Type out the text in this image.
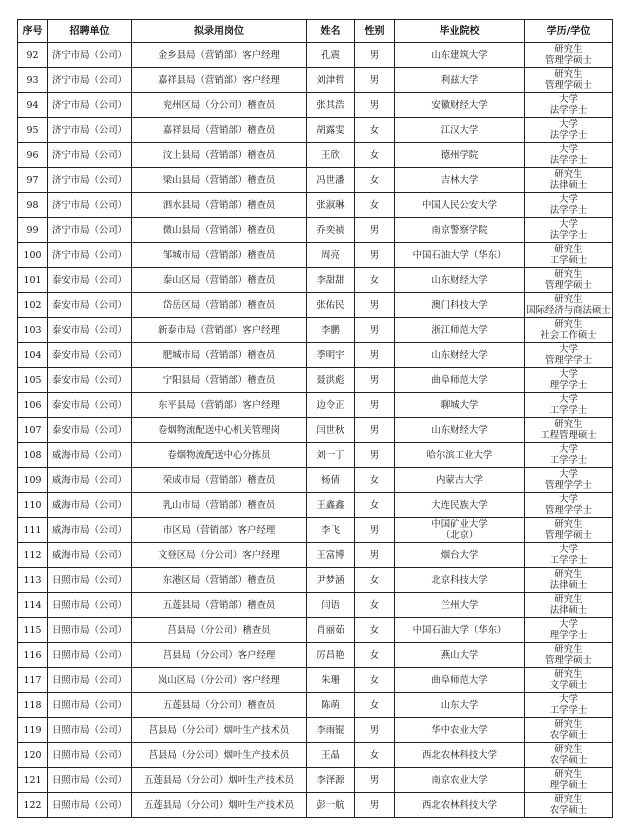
序号	招聘单位	拟录用岗位	姓名	性别	毕业院校	学历/学位
92	济宁市局（公司）	金乡县局（营销部）客户经理	孔震	男	山东建筑大学	研究生
管理学硕士

93	济宁市局（公司）	嘉祥县局（营销部）客户经理	刘津哲	男	利兹大学	研究生
管理学硕士

94	济宁市局（公司）	兖州区局（分公司）稽查员	张其浩	男	安徽财经大学	大学
法学学士

95	济宁市局（公司）	嘉祥县局（营销部）稽查员	胡露雯	女	江汉大学	大学
法学学士

96	济宁市局（公司）	汶上县局（营销部）稽查员	王欣	女	德州学院	大学
法学学士

97	济宁市局（公司）	梁山县局（营销部）稽查员	冯世潘	女	吉林大学	研究生
法律硕士

98	济宁市局（公司）	泗水县局（营销部）稽查员	张淑琳	女	中国人民公安大学	大学
法学学士

99	济宁市局（公司）	微山县局（营销部）稽查员	乔奕祯	男	南京警察学院	大学
法学学士

100	济宁市局（公司）	邹城市局（营销部）稽查员	周亮	男	中国石油大学（华东）	研究生
工学硕士

101	泰安市局（公司）	泰山区局（营销部）稽查员	李甜甜	女	山东财经大学	研究生
管理学硕士

102	泰安市局（公司）	岱岳区局（营销部）稽查员	张佑民	男	澳门科技大学	研究生
国际经济与商法硕士

103	泰安市局（公司）	新泰市局（营销部）客户经理	李鹏	男	浙江师范大学	研究生
社会工作硕士

104	泰安市局（公司）	肥城市局（营销部）稽查员	季明宇	男	山东财经大学	大学
管理学学士

105	泰安市局（公司）	宁阳县局（营销部）稽查员	聂洪彪	男	曲阜师范大学	大学
理学学士

106	泰安市局（公司）	东平县局（营销部）客户经理	边令正	男	聊城大学	大学
工学学士

107	泰安市局（公司）	卷烟物流配送中心机关管理岗	闫世秋	男	山东财经大学	研究生
工程管理硕士

108	威海市局（公司）	卷烟物流配送中心分拣员	刘一丁	男	哈尔滨工业大学	大学
工学学士

109	威海市局（公司）	荣成市局（营销部）稽查员	杨倩	女	内蒙古大学	大学
管理学学士

110	威海市局（公司）	乳山市局（营销部）稽查员	王鑫鑫	女	大连民族大学	大学
管理学学士

111	威海市局（公司）	市区局（营销部）客户经理	李飞	男	中国矿业大学
（北京）	研究生
管理学硕士

112	威海市局（公司）	文登区局（分公司）客户经理	王富博	男	烟台大学	大学
工学学士

113	日照市局（公司）	东港区局（营销部）稽查员	尹梦涵	女	北京科技大学	研究生
法律硕士

114	日照市局（公司）	五莲县局（营销部）稽查员	闫语	女	兰州大学	研究生
法律硕士

115	日照市局（公司）	莒县局（分公司）稽查员	肖丽茹	女	中国石油大学（华东）	大学
理学学士

116	日照市局（公司）	莒县局（分公司）客户经理	厉昌艳	女	燕山大学	研究生
管理学硕士

117	日照市局（公司）	岚山区局（分公司）客户经理	朱珊	女	曲阜师范大学	研究生
文学硕士

118	日照市局（公司）	五莲县局（分公司）稽查员	陈萌	女	山东大学	大学
工学学士

119	日照市局（公司）	莒县局（分公司）烟叶生产技术员	李雨锟	男	华中农业大学	研究生
农学硕士

120	日照市局（公司）	莒县局（分公司）烟叶生产技术员	王晶	女	西北农林科技大学	研究生
农学硕士

121	日照市局（公司）	五莲县局（分公司）烟叶生产技术员	李泽源	男	南京农业大学	研究生
理学硕士

122	日照市局（公司）	五莲县局（分公司）烟叶生产技术员	彭一航	男	西北农林科技大学	研究生
农学硕士
